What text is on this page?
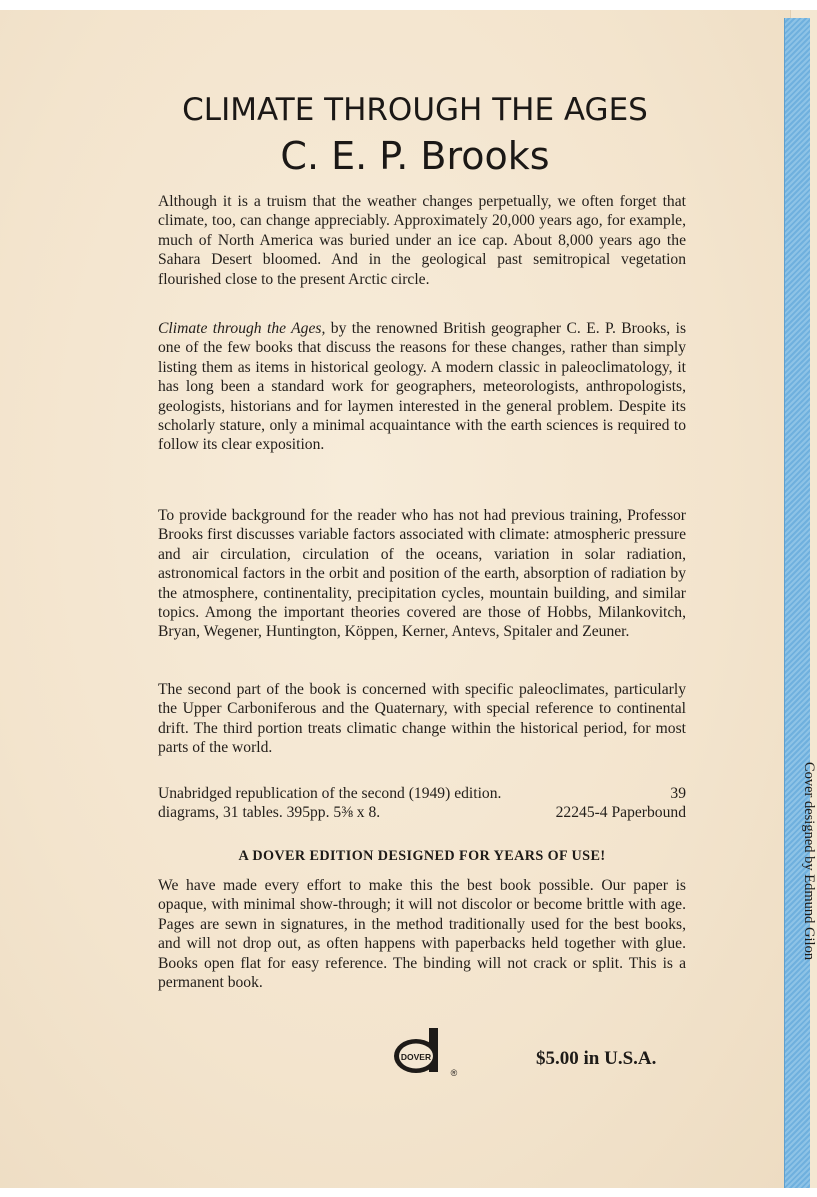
CLIMATE THROUGH THE AGES
C. E. P. Brooks
Although it is a truism that the weather changes perpetually, we often forget that climate, too, can change appreciably. Approximately 20,000 years ago, for example, much of North America was buried under an ice cap. About 8,000 years ago the Sahara Desert bloomed. And in the geological past semitropical vegetation flourished close to the present Arctic circle.
Climate through the Ages, by the renowned British geographer C. E. P. Brooks, is one of the few books that discuss the reasons for these changes, rather than simply listing them as items in historical geology. A modern classic in paleoclimatology, it has long been a standard work for geographers, meteorologists, anthropologists, geologists, historians and for laymen interested in the general problem. Despite its scholarly stature, only a minimal acquaintance with the earth sciences is required to follow its clear exposition.
To provide background for the reader who has not had previous training, Professor Brooks first discusses variable factors associated with climate: atmospheric pressure and air circulation, circulation of the oceans, variation in solar radiation, astronomical factors in the orbit and position of the earth, absorption of radiation by the atmosphere, continentality, precipitation cycles, mountain building, and similar topics. Among the important theories covered are those of Hobbs, Milankovitch, Bryan, Wegener, Huntington, Köppen, Kerner, Antevs, Spitaler and Zeuner.
The second part of the book is concerned with specific paleoclimates, particularly the Upper Carboniferous and the Quaternary, with special reference to continental drift. The third portion treats climatic change within the historical period, for most parts of the world.
Unabridged republication of the second (1949) edition.	39
diagrams, 31 tables. 395pp. 5⅜ x 8.	22245-4 Paperbound
A DOVER EDITION DESIGNED FOR YEARS OF USE!
We have made every effort to make this the best book possible. Our paper is opaque, with minimal show-through; it will not discolor or become brittle with age. Pages are sewn in signatures, in the method traditionally used for the best books, and will not drop out, as often happens with paperbacks held together with glue. Books open flat for easy reference. The binding will not crack or split. This is a permanent book.
Cover designed by Edmund Gilon
DOVER
®
$5.00 in U.S.A.
